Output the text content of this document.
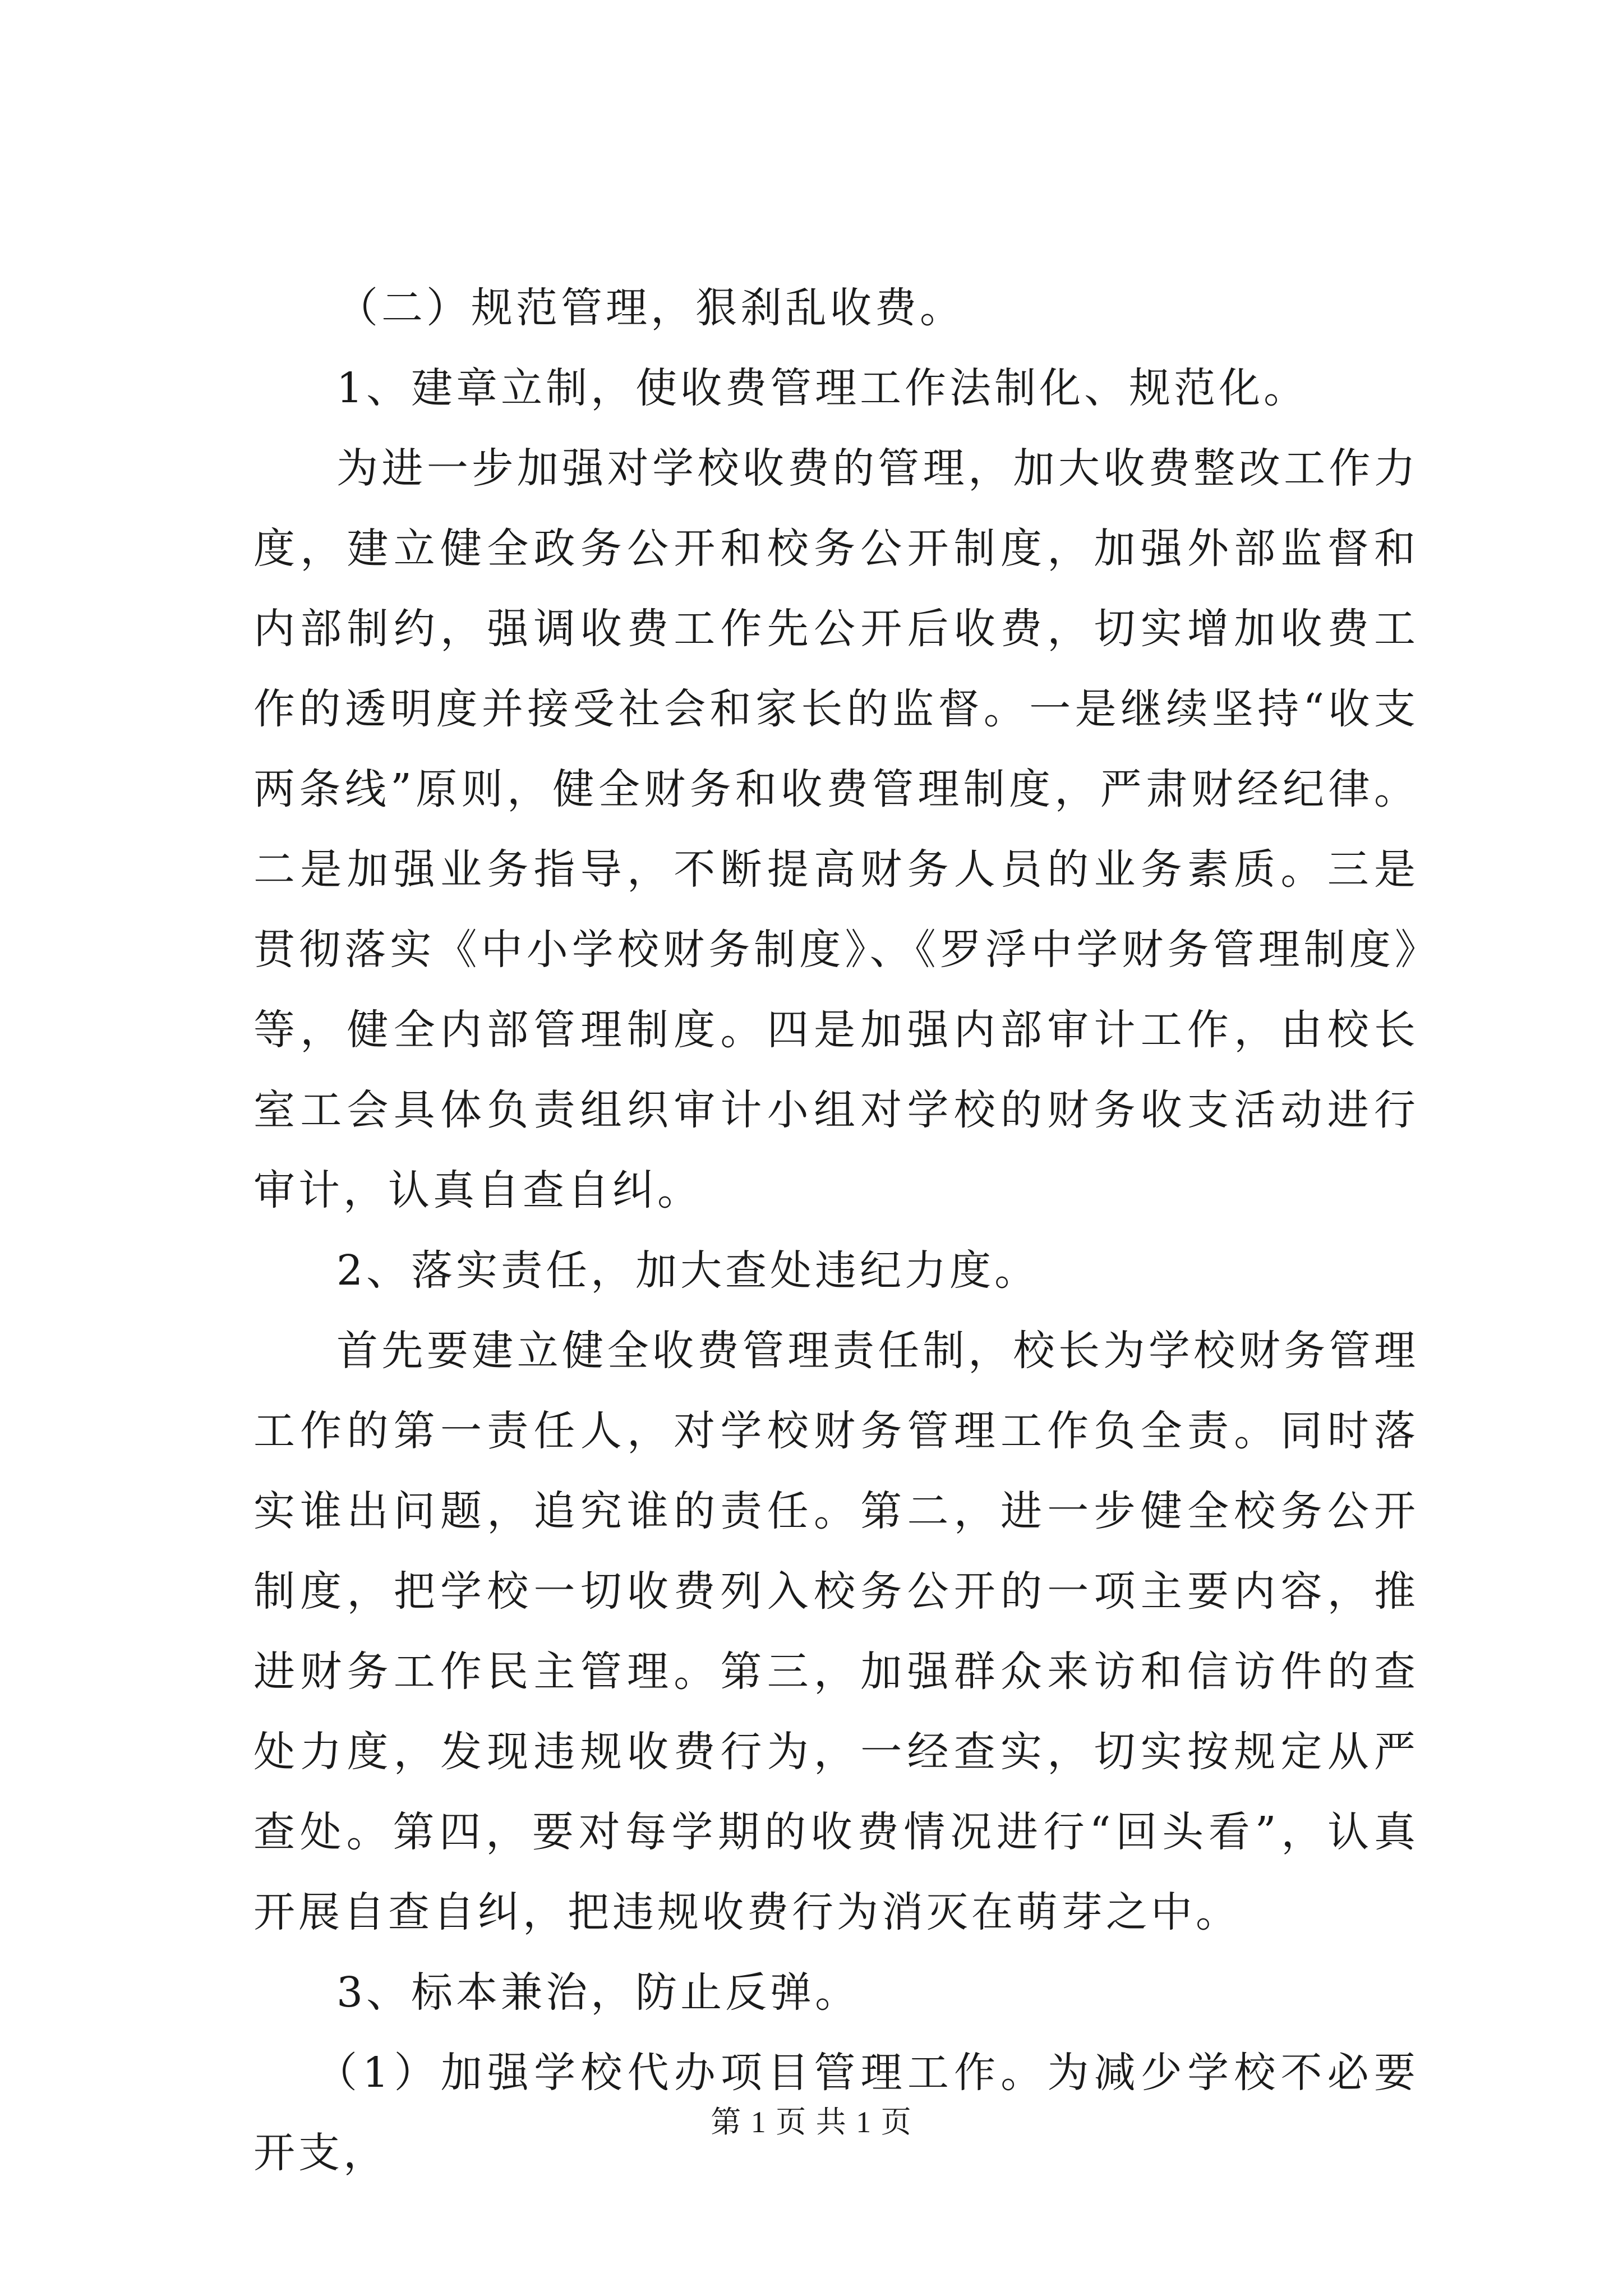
（二）规范管理，狠刹乱收费。

1、建章立制，使收费管理工作法制化、规范化。

为进一步加强对学校收费的管理，加大收费整改工作力度，建立健全政务公开和校务公开制度，加强外部监督和内部制约，强调收费工作先公开后收费，切实增加收费工作的透明度并接受社会和家长的监督。一是继续坚持“收支两条线”原则，健全财务和收费管理制度，严肃财经纪律。二是加强业务指导，不断提高财务人员的业务素质。三是贯彻落实《中小学校财务制度》、《罗浮中学财务管理制度》等，健全内部管理制度。四是加强内部审计工作，由校长室工会具体负责组织审计小组对学校的财务收支活动进行审计，认真自查自纠。

2、落实责任，加大查处违纪力度。

首先要建立健全收费管理责任制，校长为学校财务管理工作的第一责任人，对学校财务管理工作负全责。同时落实谁出问题，追究谁的责任。第二，进一步健全校务公开制度，把学校一切收费列入校务公开的一项主要内容，推进财务工作民主管理。第三，加强群众来访和信访件的查处力度，发现违规收费行为，一经查实，切实按规定从严查处。第四，要对每学期的收费情况进行“回头看”，认真开展自查自纠，把违规收费行为消灭在萌芽之中。

3、标本兼治，防止反弹。

（1）加强学校代办项目管理工作。为减少学校不必要开支，

第 1 页 共 1 页
